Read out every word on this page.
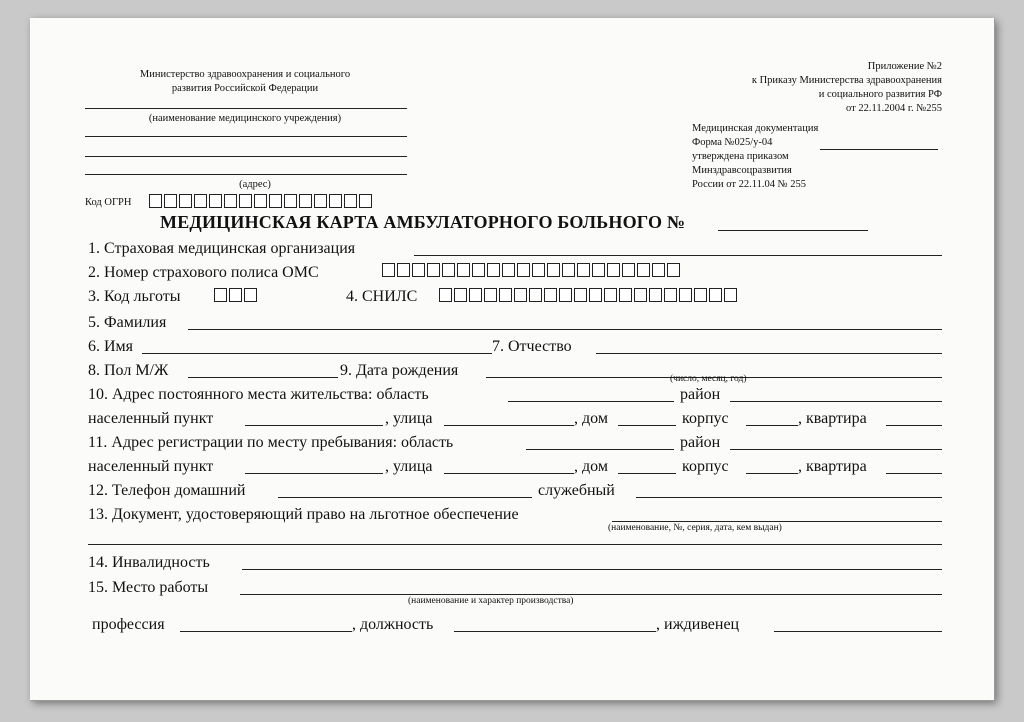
Министерство здравоохранения и социального
развития Российской Федерации
(наименование медицинского учреждения)
(адрес)
Код ОГРН
Приложение №2
к Приказу Министерства здравоохранения
и социального развития РФ
от 22.11.2004 г. №255
Медицинская документация
Форма №025/у-04
утверждена приказом
Минздравсоцразвития
России от 22.11.04 № 255
МЕДИЦИНСКАЯ КАРТА АМБУЛАТОРНОГО БОЛЬНОГО №
1. Страховая медицинская организация
2. Номер страхового полиса ОМС
3. Код льготы	4. СНИЛС
5. Фамилия
6. Имя	7. Отчество
8. Пол М/Ж	9. Дата рождения	(число, месяц, год)
10. Адрес постоянного места жительства: область	район
населенный пункт	, улица	, дом	корпус	, квартира
11. Адрес регистрации по месту пребывания: область	район
населенный пункт	, улица	, дом	корпус	, квартира
12. Телефон домашний	служебный
13. Документ, удостоверяющий право на льготное обеспечение
(наименование, №, серия, дата, кем выдан)
14. Инвалидность
15. Место работы
(наименование и характер производства)
профессия	, должность	, иждивенец
